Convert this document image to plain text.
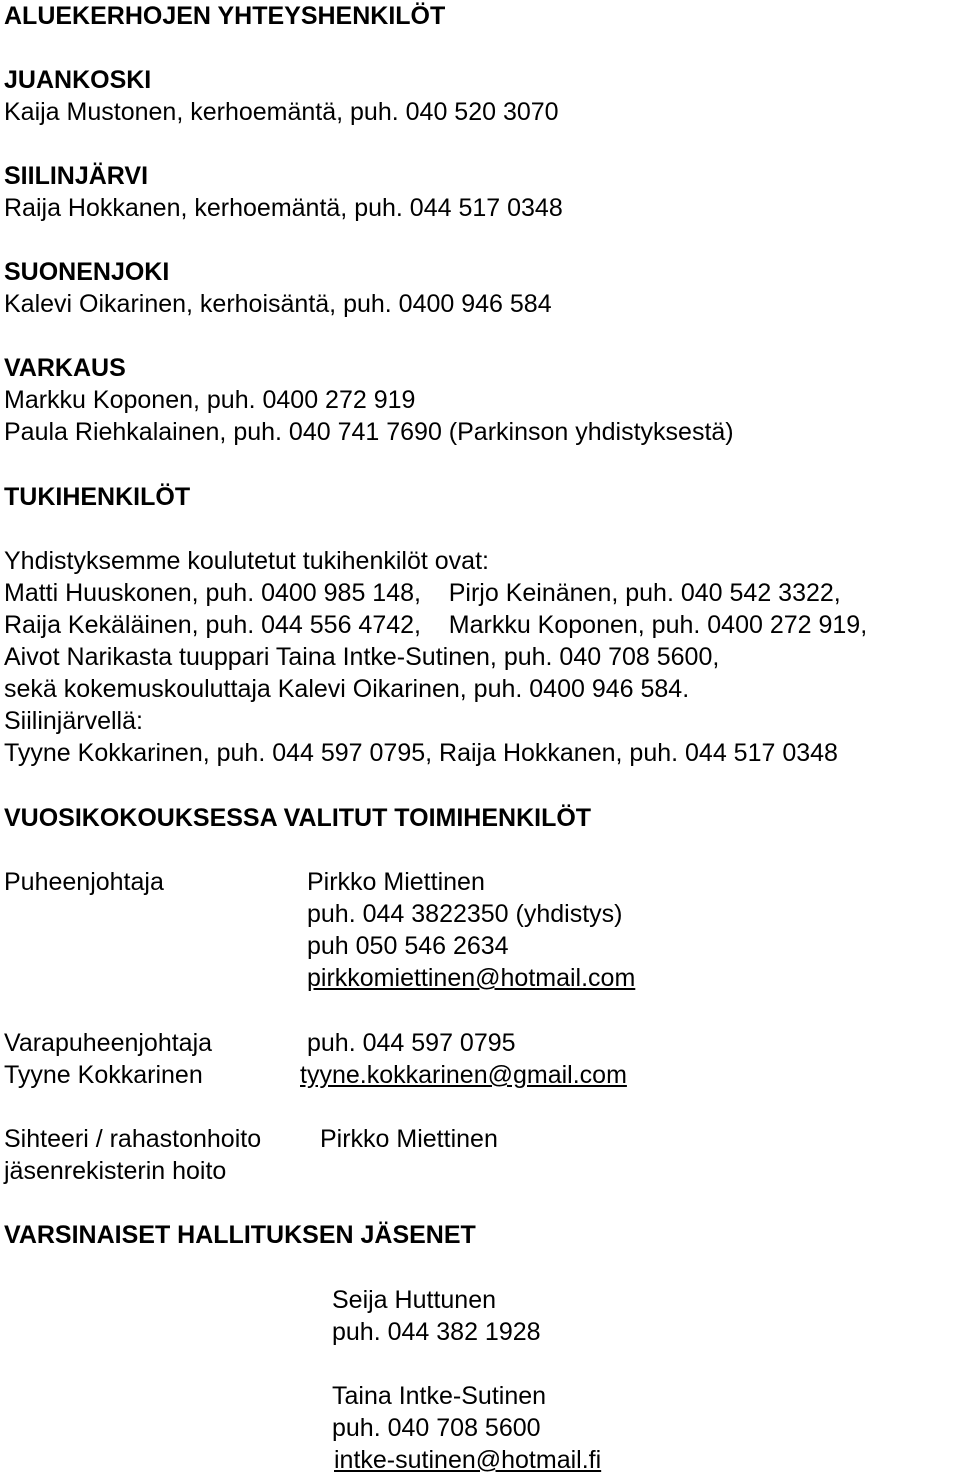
ALUEKERHOJEN YHTEYSHENKILÖT

JUANKOSKI

Kaija Mustonen, kerhoemäntä, puh. 040 520 3070

SIILINJÄRVI

Raija Hokkanen, kerhoemäntä, puh. 044 517 0348

SUONENJOKI

Kalevi Oikarinen, kerhoisäntä, puh. 0400 946 584

VARKAUS

Markku Koponen, puh. 0400 272 919

Paula Riehkalainen, puh. 040 741 7690 (Parkinson yhdistyksestä)

TUKIHENKILÖT

Yhdistyksemme koulutetut tukihenkilöt ovat:

Matti Huuskonen, puh. 0400 985 148,    Pirjo Keinänen, puh. 040 542 3322,

Raija Kekäläinen, puh. 044 556 4742,    Markku Koponen, puh. 0400 272 919,

Aivot Narikasta tuuppari Taina Intke-Sutinen, puh. 040 708 5600,

sekä kokemuskouluttaja Kalevi Oikarinen, puh. 0400 946 584.

Siilinjärvellä:

Tyyne Kokkarinen, puh. 044 597 0795, Raija Hokkanen, puh. 044 517 0348

VUOSIKOKOUKSESSA VALITUT TOIMIHENKILÖT

Puheenjohtaja	Pirkko Miettinen

puh. 044 3822350 (yhdistys)

puh 050 546 2634

pirkkomiettinen@hotmail.com

Varapuheenjohtaja	puh. 044 597 0795

Tyyne Kokkarinen	tyyne.kokkarinen@gmail.com

Sihteeri / rahastonhoito Pirkko Miettinen

jäsenrekisterin hoito

VARSINAISET HALLITUKSEN JÄSENET

Seija Huttunen

puh. 044 382 1928

Taina Intke-Sutinen

puh. 040 708 5600

intke-sutinen@hotmail.fi
